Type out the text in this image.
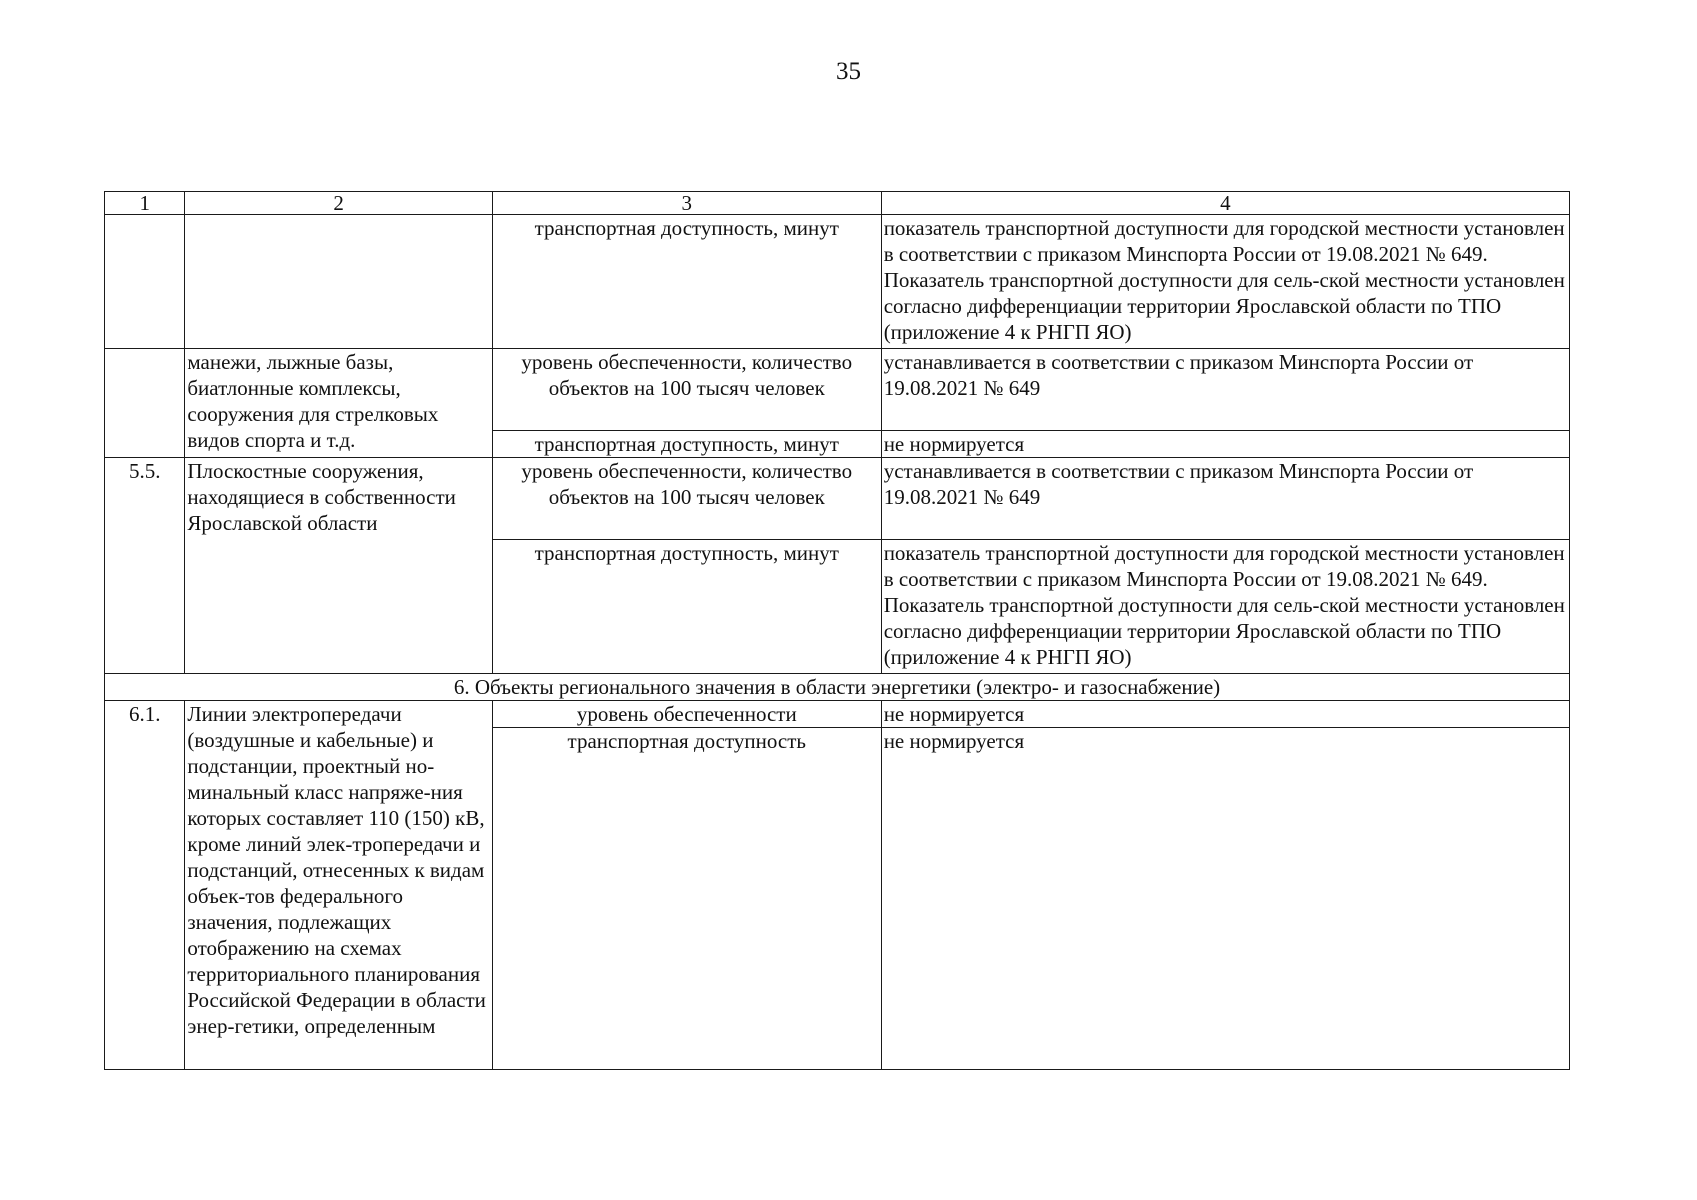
35
1	2	3	4
		транспортная доступность, минут	показатель транспортной доступности для городской местности установлен в соответствии с приказом Минспорта России от 19.08.2021 № 649. Показатель транспортной доступности для сель-ской местности установлен согласно дифференциации территории Ярославской области по ТПО (приложение 4 к РНГП ЯО)
	манежи, лыжные базы, биатлонные комплексы, сооружения для стрелковых видов спорта и т.д.	уровень обеспеченности, количество объектов на 100 тысяч человек	устанавливается в соответствии с приказом Минспорта России от 19.08.2021 № 649
		транспортная доступность, минут	не нормируется
5.5.	Плоскостные сооружения, находящиеся в собственности Ярославской области	уровень обеспеченности, количество объектов на 100 тысяч человек	устанавливается в соответствии с приказом Минспорта России от 19.08.2021 № 649
		транспортная доступность, минут	показатель транспортной доступности для городской местности установлен в соответствии с приказом Минспорта России от 19.08.2021 № 649. Показатель транспортной доступности для сель-ской местности установлен согласно дифференциации территории Ярославской области по ТПО (приложение 4 к РНГП ЯО)
6. Объекты регионального значения в области энергетики (электро- и газоснабжение)			
6.1.	Линии электропередачи (воздушные и кабельные) и подстанции, проектный но-минальный класс напряже-ния которых составляет 110 (150) кВ, кроме линий элек-тропередачи и подстанций, отнесенных к видам объек-тов федерального значения, подлежащих отображению на схемах территориального планирования Российской Федерации в области энер-гетики, определенным	уровень обеспеченности	не нормируется
		транспортная доступность	не нормируется
